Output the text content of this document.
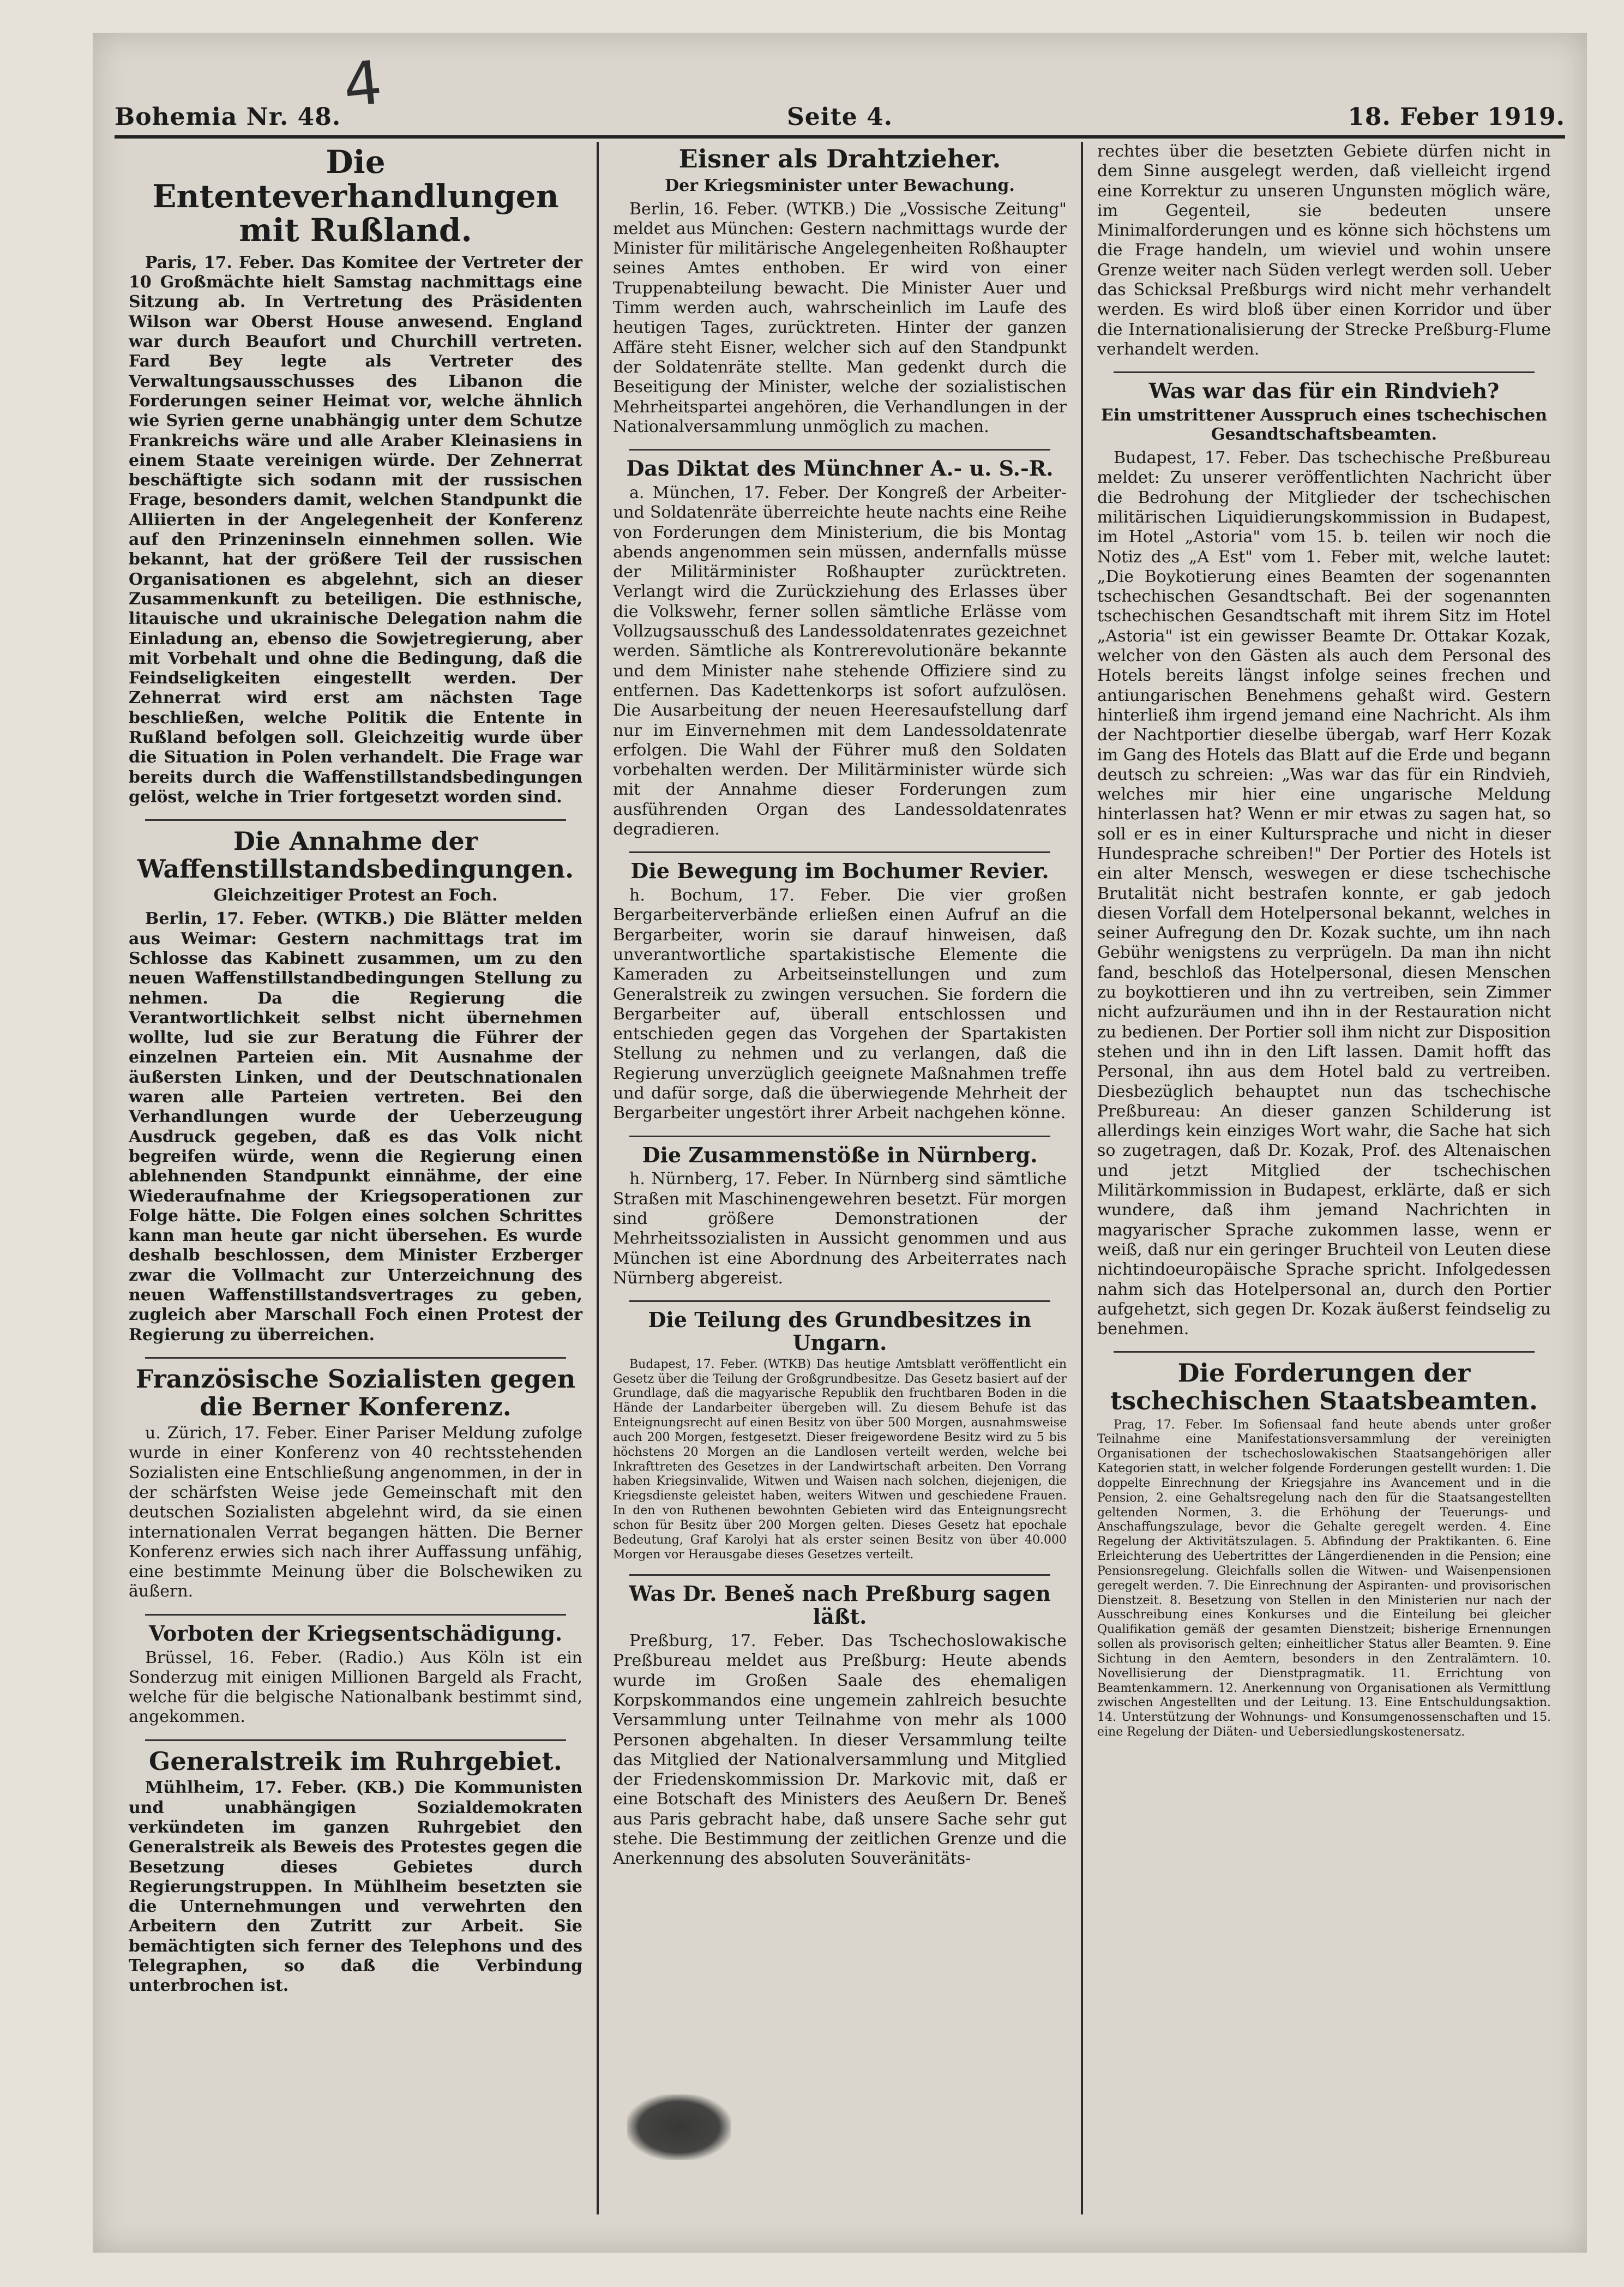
Bohemia Nr. 48.	Seite 4.	18. Feber 1919.
4
Die Ententeverhandlungen mit Rußland.

Paris, 17. Feber. Das Komitee der Vertreter der 10 Großmächte hielt Samstag nachmittags eine Sitzung ab. In Vertretung des Präsidenten Wilson war Oberst House anwesend. England war durch Beaufort und Churchill vertreten. Fard Bey legte als Vertreter des Verwaltungsausschusses des Libanon die Forderungen seiner Heimat vor, welche ähnlich wie Syrien gerne unabhängig unter dem Schutze Frankreichs wäre und alle Araber Kleinasiens in einem Staate vereinigen würde. Der Zehnerrat beschäftigte sich sodann mit der russischen Frage, besonders damit, welchen Standpunkt die Alliierten in der Angelegenheit der Konferenz auf den Prinzeninseln einnehmen sollen. Wie bekannt, hat der größere Teil der russischen Organisationen es abgelehnt, sich an dieser Zusammenkunft zu beteiligen. Die esthnische, litauische und ukrainische Delegation nahm die Einladung an, ebenso die Sowjetregierung, aber mit Vorbehalt und ohne die Bedingung, daß die Feindseligkeiten eingestellt werden. Der Zehnerrat wird erst am nächsten Tage beschließen, welche Politik die Entente in Rußland befolgen soll. Gleichzeitig wurde über die Situation in Polen verhandelt. Die Frage war bereits durch die Waffenstillstandsbedingungen gelöst, welche in Trier fortgesetzt worden sind.

Die Annahme der Waffenstillstandsbedingungen.
Gleichzeitiger Protest an Foch.

Berlin, 17. Feber. (WTKB.) Die Blätter melden aus Weimar: Gestern nachmittags trat im Schlosse das Kabinett zusammen, um zu den neuen Waffenstillstandbedingungen Stellung zu nehmen. Da die Regierung die Verantwortlichkeit selbst nicht übernehmen wollte, lud sie zur Beratung die Führer der einzelnen Parteien ein. Mit Ausnahme der äußersten Linken, und der Deutschnationalen waren alle Parteien vertreten. Bei den Verhandlungen wurde der Ueberzeugung Ausdruck gegeben, daß es das Volk nicht begreifen würde, wenn die Regierung einen ablehnenden Standpunkt einnähme, der eine Wiederaufnahme der Kriegsoperationen zur Folge hätte. Die Folgen eines solchen Schrittes kann man heute gar nicht übersehen. Es wurde deshalb beschlossen, dem Minister Erzberger zwar die Vollmacht zur Unterzeichnung des neuen Waffenstillstandsvertrages zu geben, zugleich aber Marschall Foch einen Protest der Regierung zu überreichen.

Französische Sozialisten gegen die Berner Konferenz.

u. Zürich, 17. Feber. Einer Pariser Meldung zufolge wurde in einer Konferenz von 40 rechtsstehenden Sozialisten eine Entschließung angenommen, in der in der schärfsten Weise jede Gemeinschaft mit den deutschen Sozialisten abgelehnt wird, da sie einen internationalen Verrat begangen hätten. Die Berner Konferenz erwies sich nach ihrer Auffassung unfähig, eine bestimmte Meinung über die Bolschewiken zu äußern.

Vorboten der Kriegsentschädigung.

Brüssel, 16. Feber. (Radio.) Aus Köln ist ein Sonderzug mit einigen Millionen Bargeld als Fracht, welche für die belgische Nationalbank bestimmt sind, angekommen.

Generalstreik im Ruhrgebiet.

Mühlheim, 17. Feber. (KB.) Die Kommunisten und unabhängigen Sozialdemokraten verkündeten im ganzen Ruhrgebiet den Generalstreik als Beweis des Protestes gegen die Besetzung dieses Gebietes durch Regierungstruppen. In Mühlheim besetzten sie die Unternehmungen und verwehrten den Arbeitern den Zutritt zur Arbeit. Sie bemächtigten sich ferner des Telephons und des Telegraphen, so daß die Verbindung unterbrochen ist.

Eisner als Drahtzieher.
Der Kriegsminister unter Bewachung.

Berlin, 16. Feber. (WTKB.) Die „Vossische Zeitung" meldet aus München: Gestern nachmittags wurde der Minister für militärische Angelegenheiten Roßhaupter seines Amtes enthoben. Er wird von einer Truppenabteilung bewacht. Die Minister Auer und Timm werden auch, wahrscheinlich im Laufe des heutigen Tages, zurücktreten. Hinter der ganzen Affäre steht Eisner, welcher sich auf den Standpunkt der Soldatenräte stellte. Man gedenkt durch die Beseitigung der Minister, welche der sozialistischen Mehrheitspartei angehören, die Verhandlungen in der Nationalversammlung unmöglich zu machen.

Das Diktat des Münchner A.- u. S.-R.

a. München, 17. Feber. Der Kongreß der Arbeiter- und Soldatenräte überreichte heute nachts eine Reihe von Forderungen dem Ministerium, die bis Montag abends angenommen sein müssen, andernfalls müsse der Militärminister Roßhaupter zurücktreten. Verlangt wird die Zurückziehung des Erlasses über die Volkswehr, ferner sollen sämtliche Erlässe vom Vollzugsausschuß des Landessoldatenrates gezeichnet werden. Sämtliche als Kontrerevolutionäre bekannte und dem Minister nahe stehende Offiziere sind zu entfernen. Das Kadettenkorps ist sofort aufzulösen. Die Ausarbeitung der neuen Heeresaufstellung darf nur im Einvernehmen mit dem Landessoldatenrate erfolgen. Die Wahl der Führer muß den Soldaten vorbehalten werden. Der Militärminister würde sich mit der Annahme dieser Forderungen zum ausführenden Organ des Landessoldatenrates degradieren.

Die Bewegung im Bochumer Revier.

h. Bochum, 17. Feber. Die vier großen Bergarbeiterverbände erließen einen Aufruf an die Bergarbeiter, worin sie darauf hinweisen, daß unverantwortliche spartakistische Elemente die Kameraden zu Arbeitseinstellungen und zum Generalstreik zu zwingen versuchen. Sie fordern die Bergarbeiter auf, überall entschlossen und entschieden gegen das Vorgehen der Spartakisten Stellung zu nehmen und zu verlangen, daß die Regierung unverzüglich geeignete Maßnahmen treffe und dafür sorge, daß die überwiegende Mehrheit der Bergarbeiter ungestört ihrer Arbeit nachgehen könne.

Die Zusammenstöße in Nürnberg.

h. Nürnberg, 17. Feber. In Nürnberg sind sämtliche Straßen mit Maschinengewehren besetzt. Für morgen sind größere Demonstrationen der Mehrheitssozialisten in Aussicht genommen und aus München ist eine Abordnung des Arbeiterrates nach Nürnberg abgereist.

Die Teilung des Grundbesitzes in Ungarn.

Budapest, 17. Feber. (WTKB) Das heutige Amtsblatt veröffentlicht ein Gesetz über die Teilung der Großgrundbesitze. Das Gesetz basiert auf der Grundlage, daß die magyarische Republik den fruchtbaren Boden in die Hände der Landarbeiter übergeben will. Zu diesem Behufe ist das Enteignungsrecht auf einen Besitz von über 500 Morgen, ausnahmsweise auch 200 Morgen, festgesetzt. Dieser freigewordene Besitz wird zu 5 bis höchstens 20 Morgen an die Landlosen verteilt werden, welche bei Inkrafttreten des Gesetzes in der Landwirtschaft arbeiten. Den Vorrang haben Kriegsinvalide, Witwen und Waisen nach solchen, diejenigen, die Kriegsdienste geleistet haben, weiters Witwen und geschiedene Frauen. In den von Ruthenen bewohnten Gebieten wird das Enteignungsrecht schon für Besitz über 200 Morgen gelten. Dieses Gesetz hat epochale Bedeutung, Graf Karolyi hat als erster seinen Besitz von über 40.000 Morgen vor Herausgabe dieses Gesetzes verteilt.

Was Dr. Beneš nach Preßburg sagen läßt.

Preßburg, 17. Feber. Das Tschechoslowakische Preßbureau meldet aus Preßburg: Heute abends wurde im Großen Saale des ehemaligen Korpskommandos eine ungemein zahlreich besuchte Versammlung unter Teilnahme von mehr als 1000 Personen abgehalten. In dieser Versammlung teilte das Mitglied der Nationalversammlung und Mitglied der Friedenskommission Dr. Markovic mit, daß er eine Botschaft des Ministers des Aeußern Dr. Beneš aus Paris gebracht habe, daß unsere Sache sehr gut stehe. Die Bestimmung der zeitlichen Grenze und die Anerkennung des absoluten Souveränitäts-

rechtes über die besetzten Gebiete dürfen nicht in dem Sinne ausgelegt werden, daß vielleicht irgend eine Korrektur zu unseren Ungunsten möglich wäre, im Gegenteil, sie bedeuten unsere Minimalforderungen und es könne sich höchstens um die Frage handeln, um wieviel und wohin unsere Grenze weiter nach Süden verlegt werden soll. Ueber das Schicksal Preßburgs wird nicht mehr verhandelt werden. Es wird bloß über einen Korridor und über die Internationalisierung der Strecke Preßburg-Flume verhandelt werden.

Was war das für ein Rindvieh?
Ein umstrittener Ausspruch eines tschechischen Gesandtschaftsbeamten.

Budapest, 17. Feber. Das tschechische Preßbureau meldet: Zu unserer veröffentlichten Nachricht über die Bedrohung der Mitglieder der tschechischen militärischen Liquidierungskommission in Budapest, im Hotel „Astoria" vom 15. b. teilen wir noch die Notiz des „A Est" vom 1. Feber mit, welche lautet: „Die Boykotierung eines Beamten der sogenannten tschechischen Gesandtschaft. Bei der sogenannten tschechischen Gesandtschaft mit ihrem Sitz im Hotel „Astoria" ist ein gewisser Beamte Dr. Ottakar Kozak, welcher von den Gästen als auch dem Personal des Hotels bereits längst infolge seines frechen und antiungarischen Benehmens gehaßt wird. Gestern hinterließ ihm irgend jemand eine Nachricht. Als ihm der Nachtportier dieselbe übergab, warf Herr Kozak im Gang des Hotels das Blatt auf die Erde und begann deutsch zu schreien: „Was war das für ein Rindvieh, welches mir hier eine ungarische Meldung hinterlassen hat? Wenn er mir etwas zu sagen hat, so soll er es in einer Kultursprache und nicht in dieser Hundesprache schreiben!" Der Portier des Hotels ist ein alter Mensch, weswegen er diese tschechische Brutalität nicht bestrafen konnte, er gab jedoch diesen Vorfall dem Hotelpersonal bekannt, welches in seiner Aufregung den Dr. Kozak suchte, um ihn nach Gebühr wenigstens zu verprügeln. Da man ihn nicht fand, beschloß das Hotelpersonal, diesen Menschen zu boykottieren und ihn zu vertreiben, sein Zimmer nicht aufzuräumen und ihn in der Restauration nicht zu bedienen. Der Portier soll ihm nicht zur Disposition stehen und ihn in den Lift lassen. Damit hofft das Personal, ihn aus dem Hotel bald zu vertreiben. Diesbezüglich behauptet nun das tschechische Preßbureau: An dieser ganzen Schilderung ist allerdings kein einziges Wort wahr, die Sache hat sich so zugetragen, daß Dr. Kozak, Prof. des Altenaischen und jetzt Mitglied der tschechischen Militärkommission in Budapest, erklärte, daß er sich wundere, daß ihm jemand Nachrichten in magyarischer Sprache zukommen lasse, wenn er weiß, daß nur ein geringer Bruchteil von Leuten diese nichtindoeuropäische Sprache spricht. Infolgedessen nahm sich das Hotelpersonal an, durch den Portier aufgehetzt, sich gegen Dr. Kozak äußerst feindselig zu benehmen.

Die Forderungen der tschechischen Staatsbeamten.

Prag, 17. Feber. Im Sofiensaal fand heute abends unter großer Teilnahme eine Manifestationsversammlung der vereinigten Organisationen der tschechoslowakischen Staatsangehörigen aller Kategorien statt, in welcher folgende Forderungen gestellt wurden: 1. Die doppelte Einrechnung der Kriegsjahre ins Avancement und in die Pension, 2. eine Gehaltsregelung nach den für die Staatsangestellten geltenden Normen, 3. die Erhöhung der Teuerungs- und Anschaffungszulage, bevor die Gehalte geregelt werden. 4. Eine Regelung der Aktivitätszulagen. 5. Abfindung der Praktikanten. 6. Eine Erleichterung des Uebertrittes der Längerdienenden in die Pension; eine Pensionsregelung. Gleichfalls sollen die Witwen- und Waisenpensionen geregelt werden. 7. Die Einrechnung der Aspiranten- und provisorischen Dienstzeit. 8. Besetzung von Stellen in den Ministerien nur nach der Ausschreibung eines Konkurses und die Einteilung bei gleicher Qualifikation gemäß der gesamten Dienstzeit; bisherige Ernennungen sollen als provisorisch gelten; einheitlicher Status aller Beamten. 9. Eine Sichtung in den Aemtern, besonders in den Zentralämtern. 10. Novellisierung der Dienstpragmatik. 11. Errichtung von Beamtenkammern. 12. Anerkennung von Organisationen als Vermittlung zwischen Angestellten und der Leitung. 13. Eine Entschuldungsaktion. 14. Unterstützung der Wohnungs- und Konsumgenossenschaften und 15. eine Regelung der Diäten- und Uebersiedlungskostenersatz.
